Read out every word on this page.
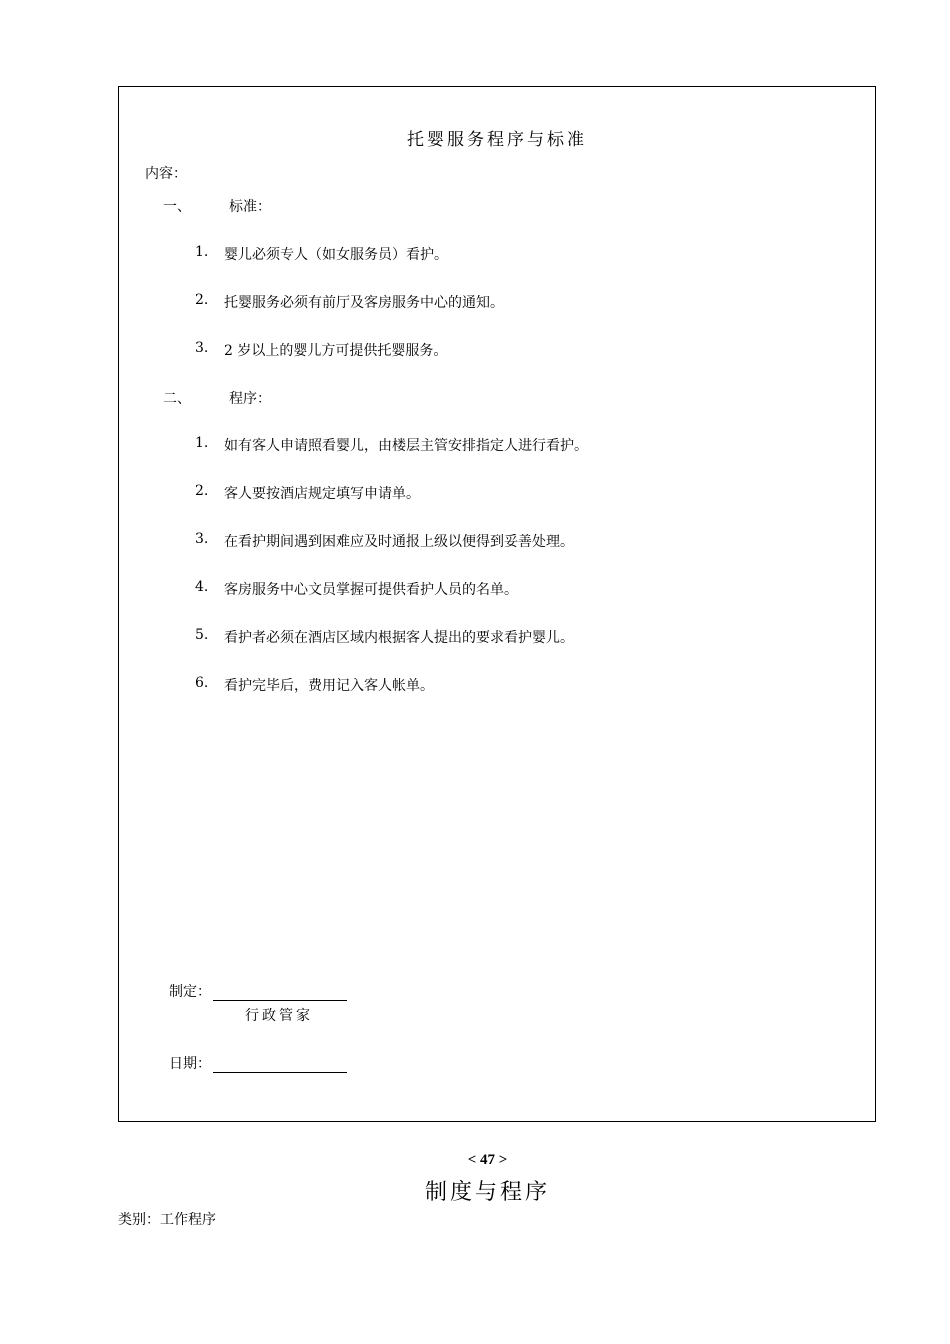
托婴服务程序与标准
内容：
一、	标准：
1. 婴儿必须专人（如女服务员）看护。
2. 托婴服务必须有前厅及客房服务中心的通知。
3. 2 岁以上的婴儿方可提供托婴服务。
二、	程序：
1. 如有客人申请照看婴儿，由楼层主管安排指定人进行看护。
2. 客人要按酒店规定填写申请单。
3. 在看护期间遇到困难应及时通报上级以便得到妥善处理。
4. 客房服务中心文员掌握可提供看护人员的名单。
5. 看护者必须在酒店区域内根据客人提出的要求看护婴儿。
6. 看护完毕后，费用记入客人帐单。
制定：
行政管家
日期：
< 47 >
制度与程序
类别：工作程序
